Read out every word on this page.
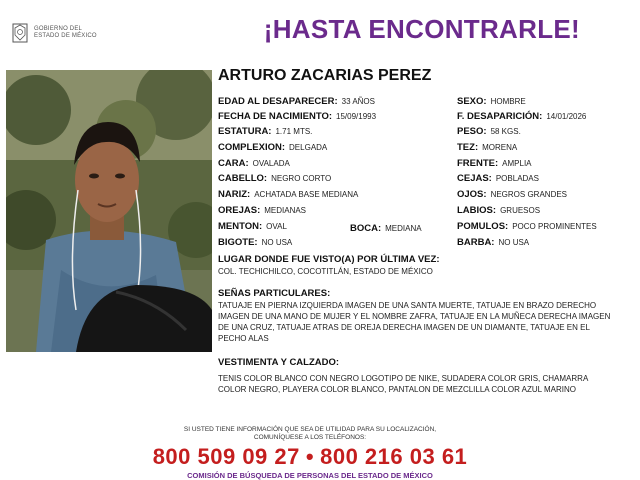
GOBIERNO DEL
ESTADO DE MÉXICO	¡HASTA ENCONTRARLE!
ARTURO ZACARIAS PEREZ
EDAD AL DESAPARECER: 33 AÑOS
FECHA DE NACIMIENTO: 15/09/1993
ESTATURA: 1.71 MTS.
COMPLEXION: DELGADA
CARA: OVALADA
CABELLO: NEGRO CORTO
NARIZ: ACHATADA BASE MEDIANA
OREJAS: MEDIANAS
MENTON: OVAL	BOCA: MEDIANA
BIGOTE: NO USA
SEXO: HOMBRE
F. DESAPARICIÓN: 14/01/2026
PESO: 58 KGS.
TEZ: MORENA
FRENTE: AMPLIA
CEJAS: POBLADAS
OJOS: NEGROS GRANDES
LABIOS: GRUESOS
POMULOS: POCO PROMINENTES
BARBA: NO USA
LUGAR DONDE FUE VISTO(A) POR ÚLTIMA VEZ:
COL. TECHICHILCO, COCOTITLÁN, ESTADO DE MÉXICO
SEÑAS PARTICULARES:
TATUAJE EN PIERNA IZQUIERDA IMAGEN DE UNA SANTA MUERTE, TATUAJE EN BRAZO DERECHO IMAGEN DE UNA MANO DE MUJER Y EL NOMBRE ZAFRA, TATUAJE EN LA MUÑECA DERECHA IMAGEN DE UNA CRUZ, TATUAJE ATRAS DE OREJA DERECHA IMAGEN DE UN DIAMANTE, TATUAJE EN EL PECHO ALAS
VESTIMENTA Y CALZADO:
TENIS COLOR BLANCO CON NEGRO LOGOTIPO DE NIKE, SUDADERA COLOR GRIS, CHAMARRA COLOR NEGRO, PLAYERA COLOR BLANCO, PANTALON DE MEZCLILLA COLOR AZUL MARINO
SI USTED TIENE INFORMACIÓN QUE SEA DE UTILIDAD PARA SU LOCALIZACIÓN,
COMUNÍQUESE A LOS TELÉFONOS:
800 509 09 27 • 800 216 03 61
COMISIÓN DE BÚSQUEDA DE PERSONAS DEL ESTADO DE MÉXICO
